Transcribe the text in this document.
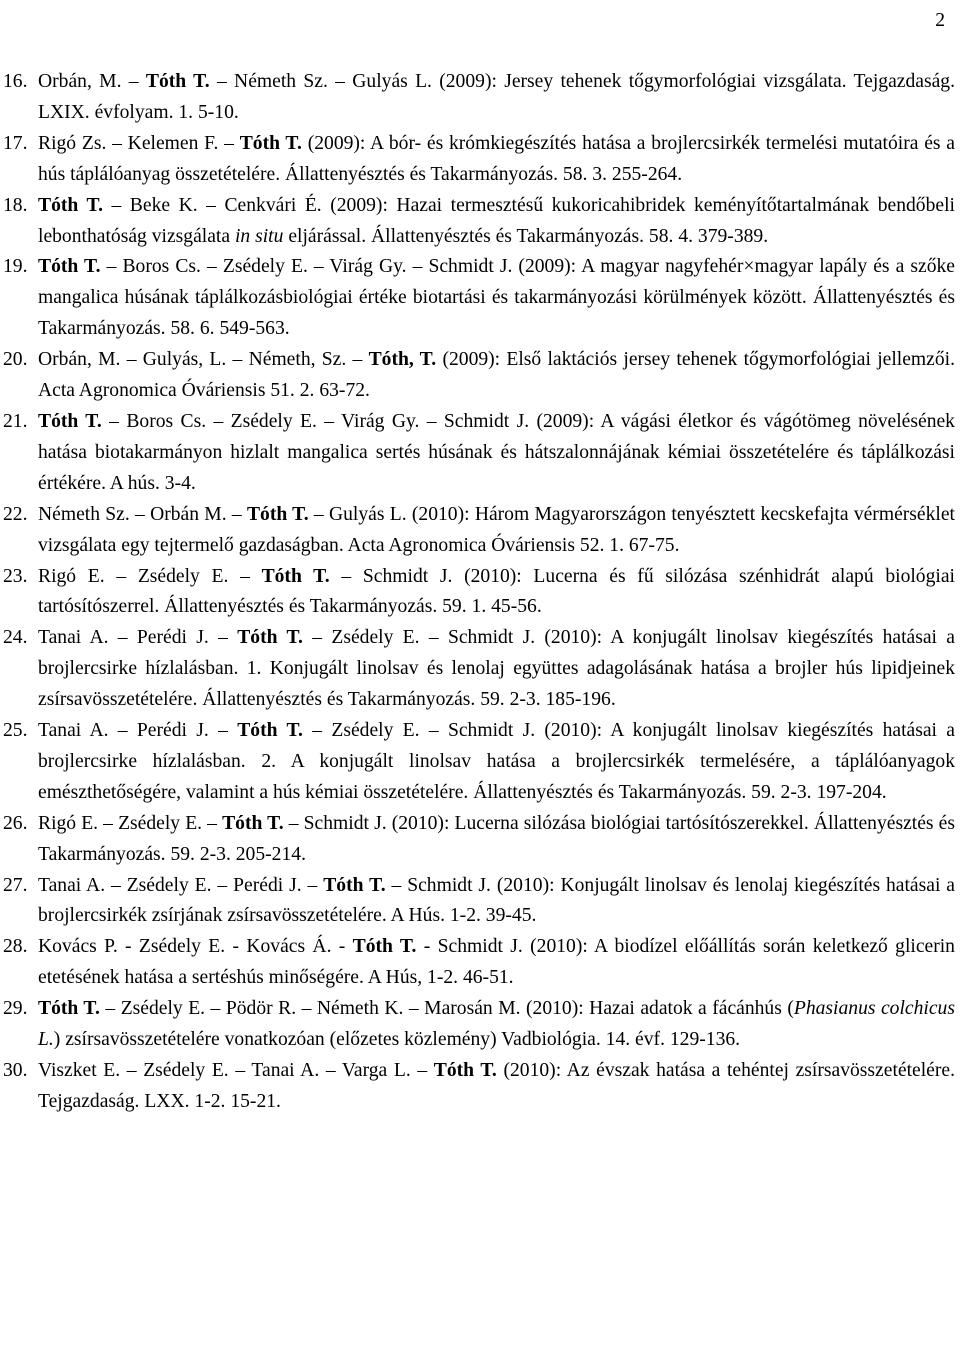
2
16. Orbán, M. – Tóth T. – Németh Sz. – Gulyás L. (2009): Jersey tehenek tőgymorfológiai vizsgálata. Tejgazdaság. LXIX. évfolyam. 1. 5-10.
17. Rigó Zs. – Kelemen F. – Tóth T. (2009): A bór- és krómkiegészítés hatása a brojlercsirkék termelési mutatóira és a hús táplálóanyag összetételére. Állattenyésztés és Takarmányozás. 58. 3. 255-264.
18. Tóth T. – Beke K. – Cenkvári É. (2009): Hazai termesztésű kukoricahibridek keményítőtartalmának bendőbeli lebonthatóság vizsgálata in situ eljárással. Állattenyésztés és Takarmányozás. 58. 4. 379-389.
19. Tóth T. – Boros Cs. – Zsédely E. – Virág Gy. – Schmidt J. (2009): A magyar nagyfehér×magyar lapály és a szőke mangalica húsának táplálkozásbiológiai értéke biotartási és takarmányozási körülmények között. Állattenyésztés és Takarmányozás. 58. 6. 549-563.
20. Orbán, M. – Gulyás, L. – Németh, Sz. – Tóth, T. (2009): Első laktációs jersey tehenek tőgymorfológiai jellemzői. Acta Agronomica Óváriensis 51. 2. 63-72.
21. Tóth T. – Boros Cs. – Zsédely E. – Virág Gy. – Schmidt J. (2009): A vágási életkor és vágótömeg növelésének hatása biotakarmányon hizlalt mangalica sertés húsának és hátszalonnájának kémiai összetételére és táplálkozási értékére. A hús. 3-4.
22. Németh Sz. – Orbán M. – Tóth T. – Gulyás L. (2010): Három Magyarországon tenyésztett kecskefajta vérmérséklet vizsgálata egy tejtermelő gazdaságban. Acta Agronomica Óváriensis 52. 1. 67-75.
23. Rigó E. – Zsédely E. – Tóth T. – Schmidt J. (2010): Lucerna és fű silózása szénhidrát alapú biológiai tartósítószerrel. Állattenyésztés és Takarmányozás. 59. 1. 45-56.
24. Tanai A. – Perédi J. – Tóth T. – Zsédely E. – Schmidt J. (2010): A konjugált linolsav kiegészítés hatásai a brojlercsirke hízlalásban. 1. Konjugált linolsav és lenolaj együttes adagolásának hatása a brojler hús lipidjeinek zsírsavösszetételére. Állattenyésztés és Takarmányozás. 59. 2-3. 185-196.
25. Tanai A. – Perédi J. – Tóth T. – Zsédely E. – Schmidt J. (2010): A konjugált linolsav kiegészítés hatásai a brojlercsirke hízlalásban. 2. A konjugált linolsav hatása a brojlercsirkék termelésére, a táplálóanyagok emészthetőségére, valamint a hús kémiai összetételére. Állattenyésztés és Takarmányozás. 59. 2-3. 197-204.
26. Rigó E. – Zsédely E. – Tóth T. – Schmidt J. (2010): Lucerna silózása biológiai tartósítószerekkel. Állattenyésztés és Takarmányozás. 59. 2-3. 205-214.
27. Tanai A. – Zsédely E. – Perédi J. – Tóth T. – Schmidt J. (2010): Konjugált linolsav és lenolaj kiegészítés hatásai a brojlercsirkék zsírjának zsírsavösszetételére. A Hús. 1-2. 39-45.
28. Kovács P. - Zsédely E. - Kovács Á. - Tóth T. - Schmidt J. (2010): A biodízel előállítás során keletkező glicerin etetésének hatása a sertéshús minőségére. A Hús, 1-2. 46-51.
29. Tóth T. – Zsédely E. – Pödör R. – Németh K. – Marosán M. (2010): Hazai adatok a fácánhús (Phasianus colchicus L.) zsírsavösszetételére vonatkozóan (előzetes közlemény) Vadbiológia. 14. évf. 129-136.
30. Viszket E. – Zsédely E. – Tanai A. – Varga L. – Tóth T. (2010): Az évszak hatása a tehéntej zsírsavösszetételére. Tejgazdaság. LXX. 1-2. 15-21.
